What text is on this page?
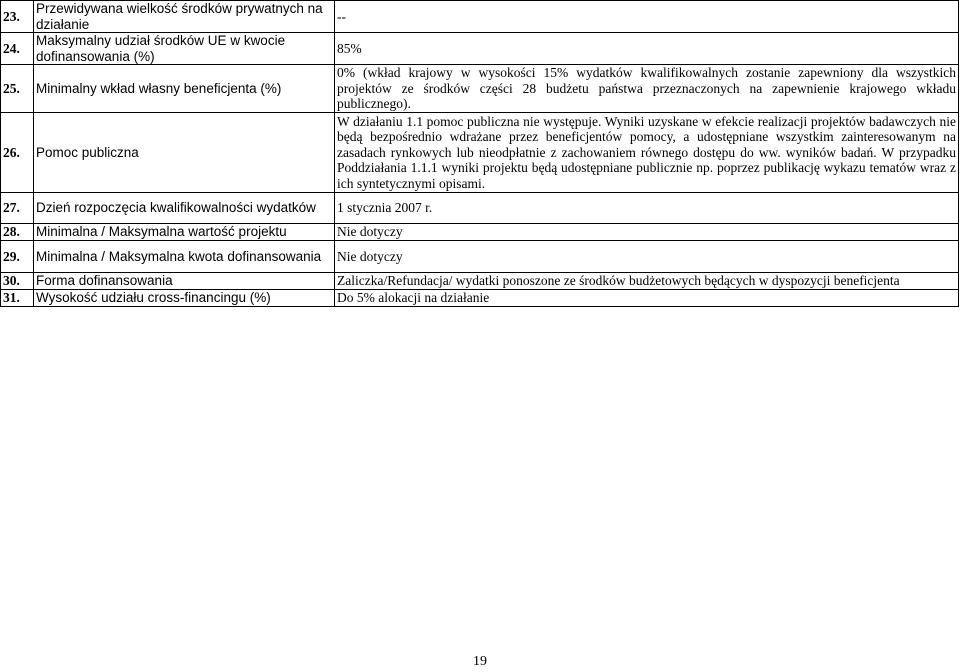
23.	Przewidywana wielkość środków prywatnych na działanie	--
24.	Maksymalny udział środków UE w kwocie dofinansowania (%)	85%
25.	Minimalny wkład własny beneficjenta (%)	0% (wkład krajowy w wysokości 15% wydatków kwalifikowalnych zostanie zapewniony dla wszystkich projektów ze środków części 28 budżetu państwa przeznaczonych na zapewnienie krajowego wkładu publicznego).
26.	Pomoc publiczna	W działaniu 1.1 pomoc publiczna nie występuje. Wyniki uzyskane w efekcie realizacji projektów badawczych nie będą bezpośrednio wdrażane przez beneficjentów pomocy, a udostępniane wszystkim zainteresowanym na zasadach rynkowych lub nieodpłatnie z zachowaniem równego dostępu do ww. wyników badań. W przypadku Poddziałania 1.1.1 wyniki projektu będą udostępniane publicznie np. poprzez publikację wykazu tematów wraz z ich syntetycznymi opisami.
27.	Dzień rozpoczęcia kwalifikowalności wydatków	1 stycznia 2007 r.
28.	Minimalna / Maksymalna wartość projektu	Nie dotyczy
29.	Minimalna / Maksymalna kwota dofinansowania	Nie dotyczy
30.	Forma dofinansowania	Zaliczka/Refundacja/ wydatki ponoszone ze środków budżetowych będących w dyspozycji beneficjenta
31.	Wysokość udziału cross-financingu (%)	Do 5% alokacji na działanie
19
